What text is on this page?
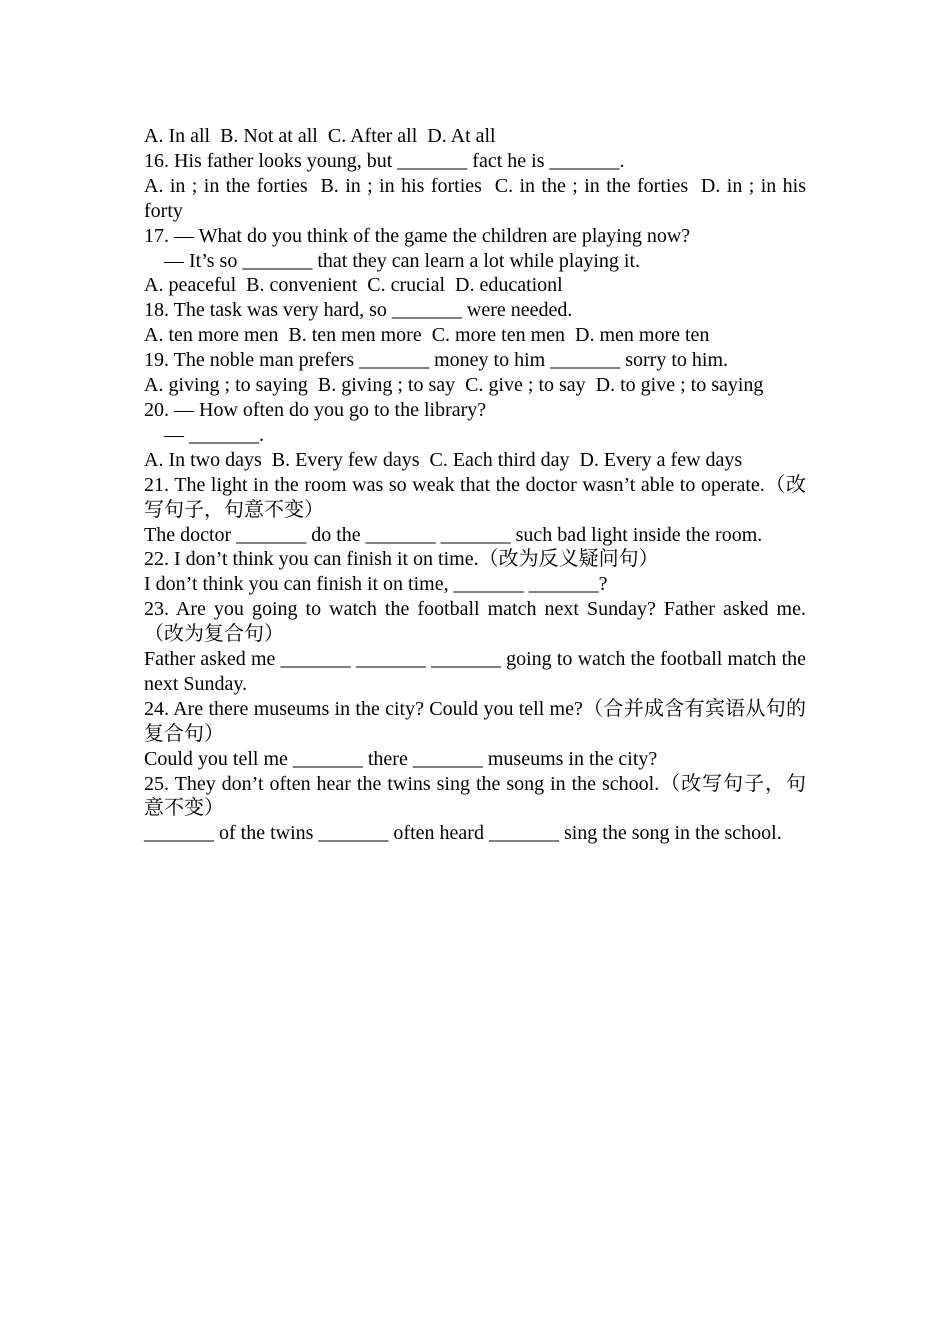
A. In all  B. Not at all  C. After all  D. At all
16. His father looks young, but _______ fact he is _______.
A. in ; in the forties  B. in ; in his forties  C. in the ; in the forties  D. in ; in his forty
17. — What do you think of the game the children are playing now?
— It’s so _______ that they can learn a lot while playing it.
A. peaceful  B. convenient  C. crucial  D. educationl
18. The task was very hard, so _______ were needed.
A. ten more men  B. ten men more  C. more ten men  D. men more ten
19. The noble man prefers _______ money to him _______ sorry to him.
A. giving ; to saying  B. giving ; to say  C. give ; to say  D. to give ; to saying
20. — How often do you go to the library?
— _______.
A. In two days  B. Every few days  C. Each third day  D. Every a few days
21. The light in the room was so weak that the doctor wasn’t able to operate.（改写句子，句意不变）
The doctor _______ do the _______ _______ such bad light inside the room.
22. I don’t think you can finish it on time.（改为反义疑问句）
I don’t think you can finish it on time, _______ _______?
23. Are you going to watch the football match next Sunday? Father asked me.（改为复合句）
Father asked me _______ _______ _______ going to watch the football match the next Sunday.
24. Are there museums in the city? Could you tell me?（合并成含有宾语从句的复合句）
Could you tell me _______ there _______ museums in the city?
25. They don’t often hear the twins sing the song in the school.（改写句子，句意不变）
_______ of the twins _______ often heard _______ sing the song in the school.
